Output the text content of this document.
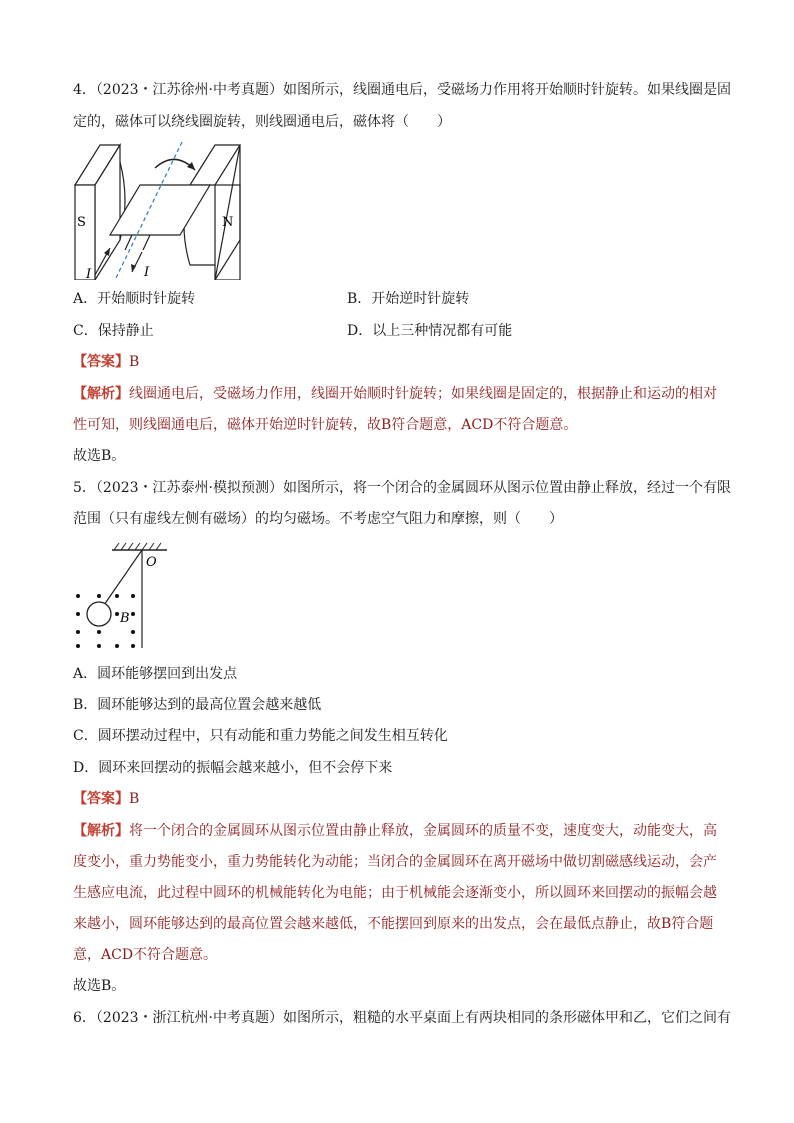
4．（2023・江苏徐州·中考真题）如图所示，线圈通电后，受磁场力作用将开始顺时针旋转。如果线圈是固
定的，磁体可以绕线圈旋转，则线圈通电后，磁体将（　　）
S	N
I	I
A．开始顺时针旋转	B．开始逆时针旋转
C．保持静止	D．以上三种情况都有可能
【答案】B
【解析】线圈通电后，受磁场力作用，线圈开始顺时针旋转；如果线圈是固定的，根据静止和运动的相对
性可知，则线圈通电后，磁体开始逆时针旋转，故B符合题意，ACD不符合题意。
故选B。
5．（2023・江苏泰州·模拟预测）如图所示，将一个闭合的金属圆环从图示位置由静止释放，经过一个有限
范围（只有虚线左侧有磁场）的均匀磁场。不考虑空气阻力和摩擦，则（　　）
O
B
A．圆环能够摆回到出发点
B．圆环能够达到的最高位置会越来越低
C．圆环摆动过程中，只有动能和重力势能之间发生相互转化
D．圆环来回摆动的振幅会越来越小，但不会停下来
【答案】B
【解析】将一个闭合的金属圆环从图示位置由静止释放，金属圆环的质量不变，速度变大，动能变大，高
度变小，重力势能变小，重力势能转化为动能；当闭合的金属圆环在离开磁场中做切割磁感线运动，会产
生感应电流，此过程中圆环的机械能转化为电能；由于机械能会逐渐变小，所以圆环来回摆动的振幅会越
来越小，圆环能够达到的最高位置会越来越低，不能摆回到原来的出发点，会在最低点静止，故B符合题
意，ACD不符合题意。
故选B。
6．（2023・浙江杭州·中考真题）如图所示，粗糙的水平桌面上有两块相同的条形磁体甲和乙，它们之间有
